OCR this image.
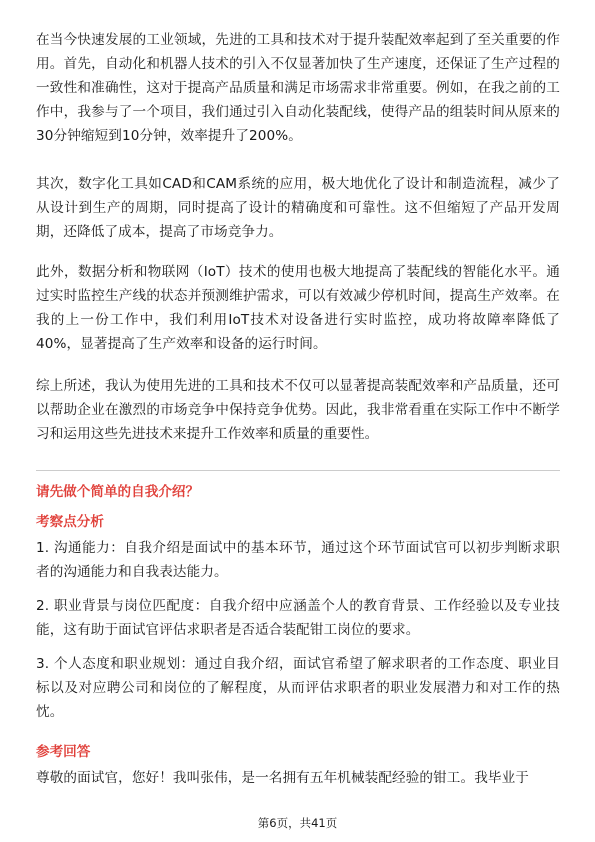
在当今快速发展的工业领域，先进的工具和技术对于提升装配效率起到了至关重要的作用。首先，自动化和机器人技术的引入不仅显著加快了生产速度，还保证了生产过程的一致性和准确性，这对于提高产品质量和满足市场需求非常重要。例如，在我之前的工作中，我参与了一个项目，我们通过引入自动化装配线，使得产品的组装时间从原来的30分钟缩短到10分钟，效率提升了200%。

其次，数字化工具如CAD和CAM系统的应用，极大地优化了设计和制造流程，减少了从设计到生产的周期，同时提高了设计的精确度和可靠性。这不但缩短了产品开发周期，还降低了成本，提高了市场竞争力。

此外，数据分析和物联网（IoT）技术的使用也极大地提高了装配线的智能化水平。通过实时监控生产线的状态并预测维护需求，可以有效减少停机时间，提高生产效率。在我的上一份工作中，我们利用IoT技术对设备进行实时监控，成功将故障率降低了40%，显著提高了生产效率和设备的运行时间。

综上所述，我认为使用先进的工具和技术不仅可以显著提高装配效率和产品质量，还可以帮助企业在激烈的市场竞争中保持竞争优势。因此，我非常看重在实际工作中不断学习和运用这些先进技术来提升工作效率和质量的重要性。

请先做个简单的自我介绍？
考察点分析

1. 沟通能力：自我介绍是面试中的基本环节，通过这个环节面试官可以初步判断求职者的沟通能力和自我表达能力。

2. 职业背景与岗位匹配度：自我介绍中应涵盖个人的教育背景、工作经验以及专业技能，这有助于面试官评估求职者是否适合装配钳工岗位的要求。

3. 个人态度和职业规划：通过自我介绍，面试官希望了解求职者的工作态度、职业目标以及对应聘公司和岗位的了解程度，从而评估求职者的职业发展潜力和对工作的热忱。

参考回答

尊敬的面试官，您好！我叫张伟，是一名拥有五年机械装配经验的钳工。我毕业于

第6页，共41页
